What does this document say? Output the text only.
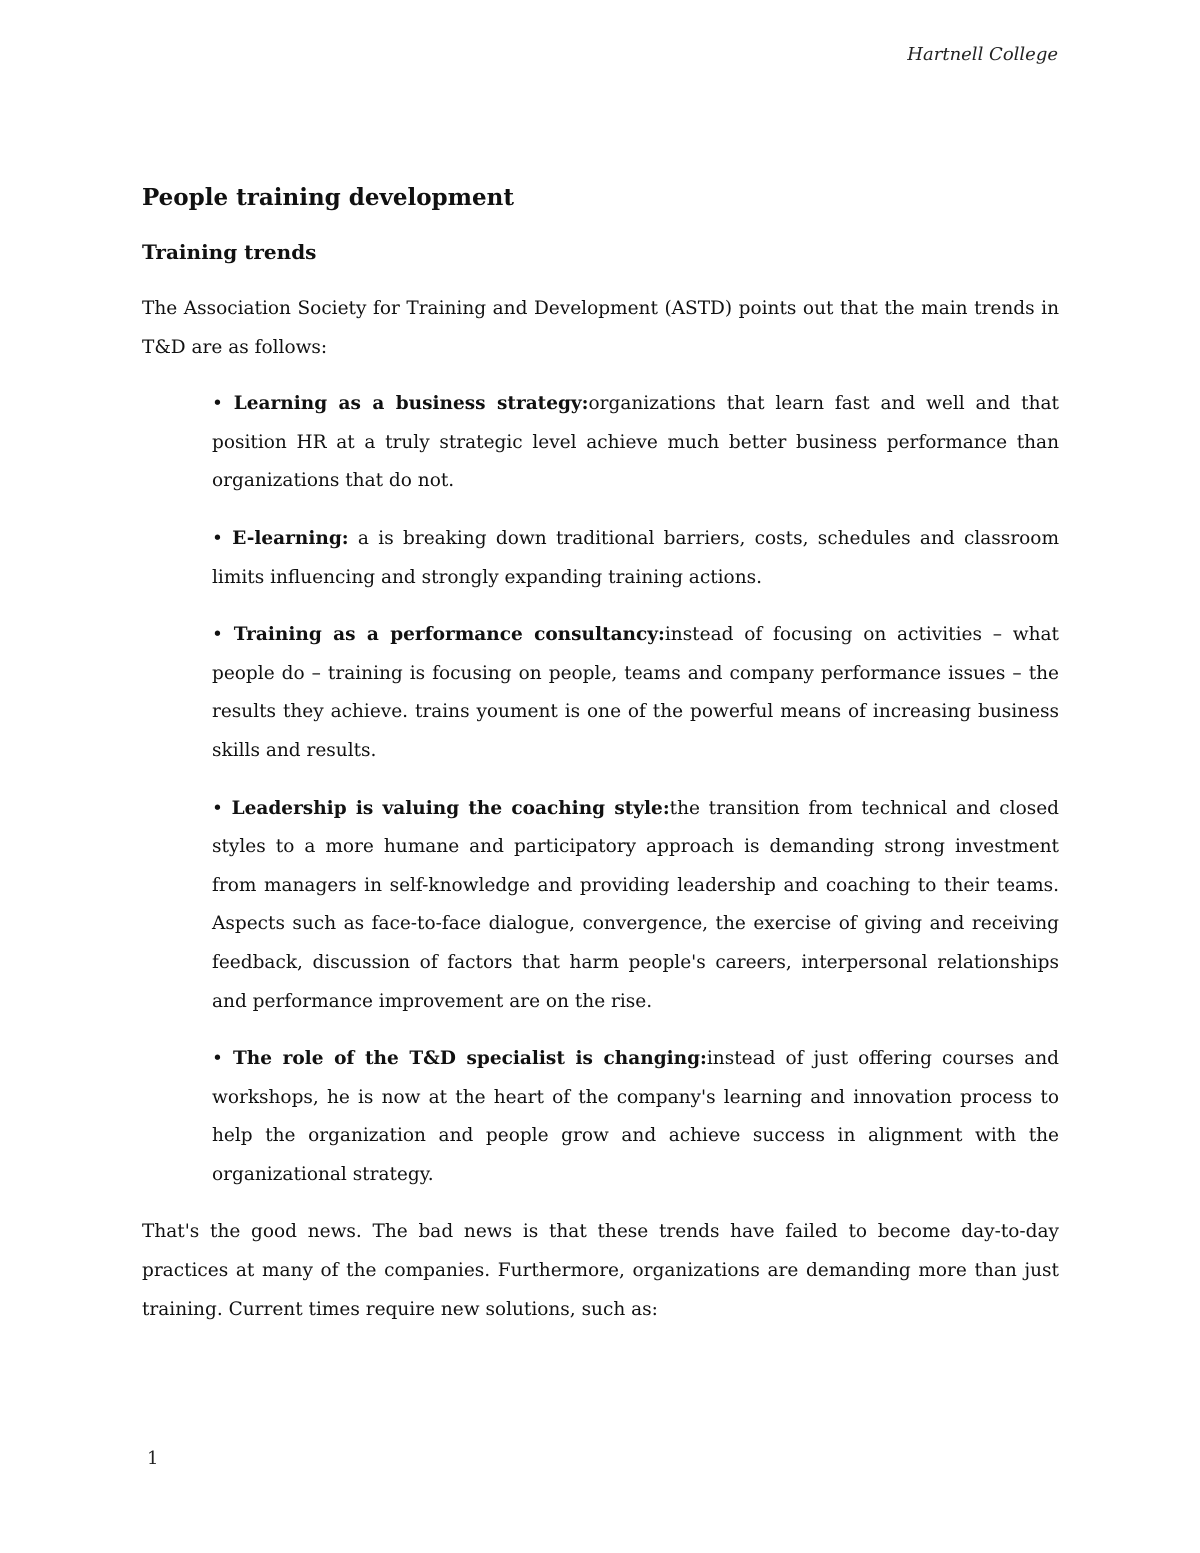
Hartnell College
People training development
Training trends

The Association Society for Training and Development (ASTD) points out that the main trends in T&D are as follows:

• Learning as a business strategy:organizations that learn fast and well and that position HR at a truly strategic level achieve much better business performance than organizations that do not.

• E-learning: a is breaking down traditional barriers, costs, schedules and classroom limits influencing and strongly expanding training actions.

• Training as a performance consultancy:instead of focusing on activities – what people do – training is focusing on people, teams and company performance issues – the results they achieve. trains youment is one of the powerful means of increasing business skills and results.

• Leadership is valuing the coaching style:the transition from technical and closed styles to a more humane and participatory approach is demanding strong investment from managers in self-knowledge and providing leadership and coaching to their teams. Aspects such as face-to-face dialogue, convergence, the exercise of giving and receiving feedback, discussion of factors that harm people's careers, interpersonal relationships and performance improvement are on the rise.

• The role of the T&D specialist is changing:instead of just offering courses and workshops, he is now at the heart of the company's learning and innovation process to help the organization and people grow and achieve success in alignment with the organizational strategy.

That's the good news. The bad news is that these trends have failed to become day-to-day practices at many of the companies. Furthermore, organizations are demanding more than just training. Current times require new solutions, such as:

1
